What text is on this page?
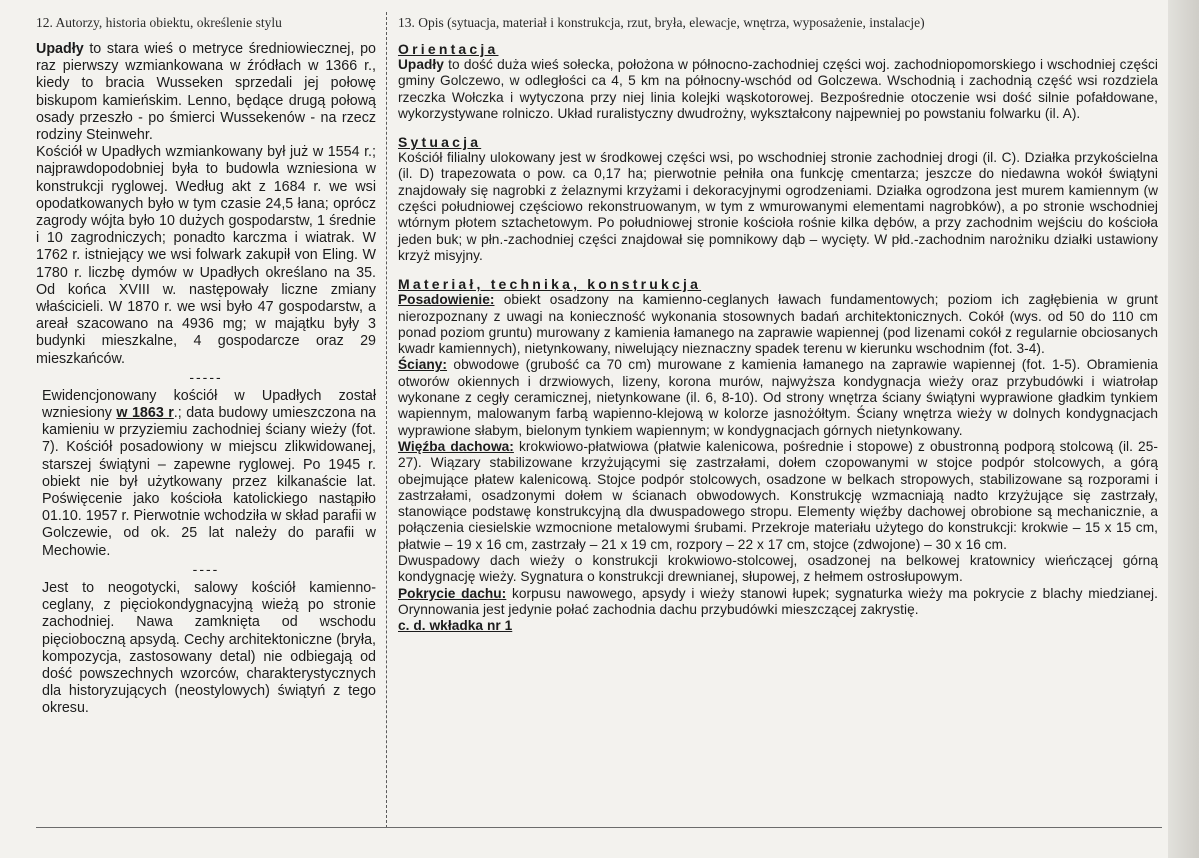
12. Autorzy, historia obiektu, określenie stylu

Upadły to stara wieś o metryce średniowiecznej, po raz pierwszy wzmiankowana w źródłach w 1366 r., kiedy to bracia Wusseken sprzedali jej połowę biskupom kamieńskim. Lenno, będące drugą połową osady przeszło - po śmierci Wussekenów - na rzecz rodziny Steinwehr.

Kościół w Upadłych wzmiankowany był już w 1554 r.; najprawdopodobniej była to budowla wzniesiona w konstrukcji ryglowej. Według akt z 1684 r. we wsi opodatkowanych było w tym czasie 24,5 łana; oprócz zagrody wójta było 10 dużych gospodarstw, 1 średnie i 10 zagrodniczych; ponadto karczma i wiatrak. W 1762 r. istniejący we wsi folwark zakupił von Eling. W 1780 r. liczbę dymów w Upadłych określano na 35. Od końca XVIII w. następowały liczne zmiany właścicieli. W 1870 r. we wsi było 47 gospodarstw, a areał szacowano na 4936 mg; w majątku były 3 budynki mieszkalne, 4 gospodarcze oraz 29 mieszkańców.

-----

Ewidencjonowany kościół w Upadłych został wzniesiony w 1863 r.; data budowy umieszczona na kamieniu w przyziemiu zachodniej ściany wieży (fot. 7). Kościół posadowiony w miejscu zlikwidowanej, starszej świątyni – zapewne ryglowej. Po 1945 r. obiekt nie był użytkowany przez kilkanaście lat. Poświęcenie jako kościoła katolickiego nastąpiło 01.10. 1957 r. Pierwotnie wchodziła w skład parafii w Golczewie, od ok. 25 lat należy do parafii w Mechowie.

----

Jest to neogotycki, salowy kościół kamienno-ceglany, z pięciokondygnacyjną wieżą po stronie zachodniej. Nawa zamknięta od wschodu pięcioboczną apsydą. Cechy architektoniczne (bryła, kompozycja, zastosowany detal) nie odbiegają od dość powszechnych wzorców, charakterystycznych dla historyzujących (neostylowych) świątyń z tego okresu.

13. Opis (sytuacja, materiał i konstrukcja, rzut, bryła, elewacje, wnętrza, wyposażenie, instalacje)
Orientacja

Upadły to dość duża wieś sołecka, położona w północno-zachodniej części woj. zachodniopomorskiego i wschodniej części gminy Golczewo, w odległości ca 4, 5 km na północny-wschód od Golczewa. Wschodnią i zachodnią część wsi rozdziela rzeczka Wołczka i wytyczona przy niej linia kolejki wąskotorowej. Bezpośrednie otoczenie wsi dość silnie pofałdowane, wykorzystywane rolniczo. Układ ruralistyczny dwudrożny, wykształcony najpewniej po powstaniu folwarku (il. A).

Sytuacja

Kościół filialny ulokowany jest w środkowej części wsi, po wschodniej stronie zachodniej drogi (il. C). Działka przykościelna (il. D) trapezowata o pow. ca 0,17 ha; pierwotnie pełniła ona funkcję cmentarza; jeszcze do niedawna wokół świątyni znajdowały się nagrobki z żelaznymi krzyżami i dekoracyjnymi ogrodzeniami. Działka ogrodzona jest murem kamiennym (w części południowej częściowo rekonstruowanym, w tym z wmurowanymi elementami nagrobków), a po stronie wschodniej wtórnym płotem sztachetowym. Po południowej stronie kościoła rośnie kilka dębów, a przy zachodnim wejściu do kościoła jeden buk; w płn.-zachodniej części znajdował się pomnikowy dąb – wycięty. W płd.-zachodnim narożniku działki ustawiony krzyż misyjny.

Materiał, technika, konstrukcja

Posadowienie: obiekt osadzony na kamienno-ceglanych ławach fundamentowych; poziom ich zagłębienia w grunt nierozpoznany z uwagi na konieczność wykonania stosownych badań architektonicznych. Cokół (wys. od 50 do 110 cm ponad poziom gruntu) murowany z kamienia łamanego na zaprawie wapiennej (pod lizenami cokół z regularnie obciosanych kwadr kamiennych), nietynkowany, niwelujący nieznaczny spadek terenu w kierunku wschodnim (fot. 3-4).

Ściany: obwodowe (grubość ca 70 cm) murowane z kamienia łamanego na zaprawie wapiennej (fot. 1-5). Obramienia otworów okiennych i drzwiowych, lizeny, korona murów, najwyższa kondygnacja wieży oraz przybudówki i wiatrołap wykonane z cegły ceramicznej, nietynkowane (il. 6, 8-10). Od strony wnętrza ściany świątyni wyprawione gładkim tynkiem wapiennym, malowanym farbą wapienno-klejową w kolorze jasnożółtym. Ściany wnętrza wieży w dolnych kondygnacjach wyprawione słabym, bielonym tynkiem wapiennym; w kondygnacjach górnych nietynkowany.

Więźba dachowa: krokwiowo-płatwiowa (płatwie kalenicowa, pośrednie i stopowe) z obustronną podporą stolcową (il. 25-27). Wiązary stabilizowane krzyżującymi się zastrzałami, dołem czopowanymi w stojce podpór stolcowych, a górą obejmujące płatew kalenicową. Stojce podpór stolcowych, osadzone w belkach stropowych, stabilizowane są rozporami i zastrzałami, osadzonymi dołem w ścianach obwodowych. Konstrukcję wzmacniają nadto krzyżujące się zastrzały, stanowiące podstawę konstrukcyjną dla dwuspadowego stropu. Elementy więźby dachowej obrobione są mechanicznie, a połączenia ciesielskie wzmocnione metalowymi śrubami. Przekroje materiału użytego do konstrukcji: krokwie – 15 x 15 cm, płatwie – 19 x 16 cm, zastrzały – 21 x 19 cm, rozpory – 22 x 17 cm, stojce (zdwojone) – 30 x 16 cm.

Dwuspadowy dach wieży o konstrukcji krokwiowo-stolcowej, osadzonej na belkowej kratownicy wieńczącej górną kondygnację wieży. Sygnatura o konstrukcji drewnianej, słupowej, z hełmem ostrosłupowym.

Pokrycie dachu: korpusu nawowego, apsydy i wieży stanowi łupek; sygnaturka wieży ma pokrycie z blachy miedzianej. Orynnowania jest jedynie połać zachodnia dachu przybudówki mieszczącej zakrystię.

c. d. wkładka nr 1
